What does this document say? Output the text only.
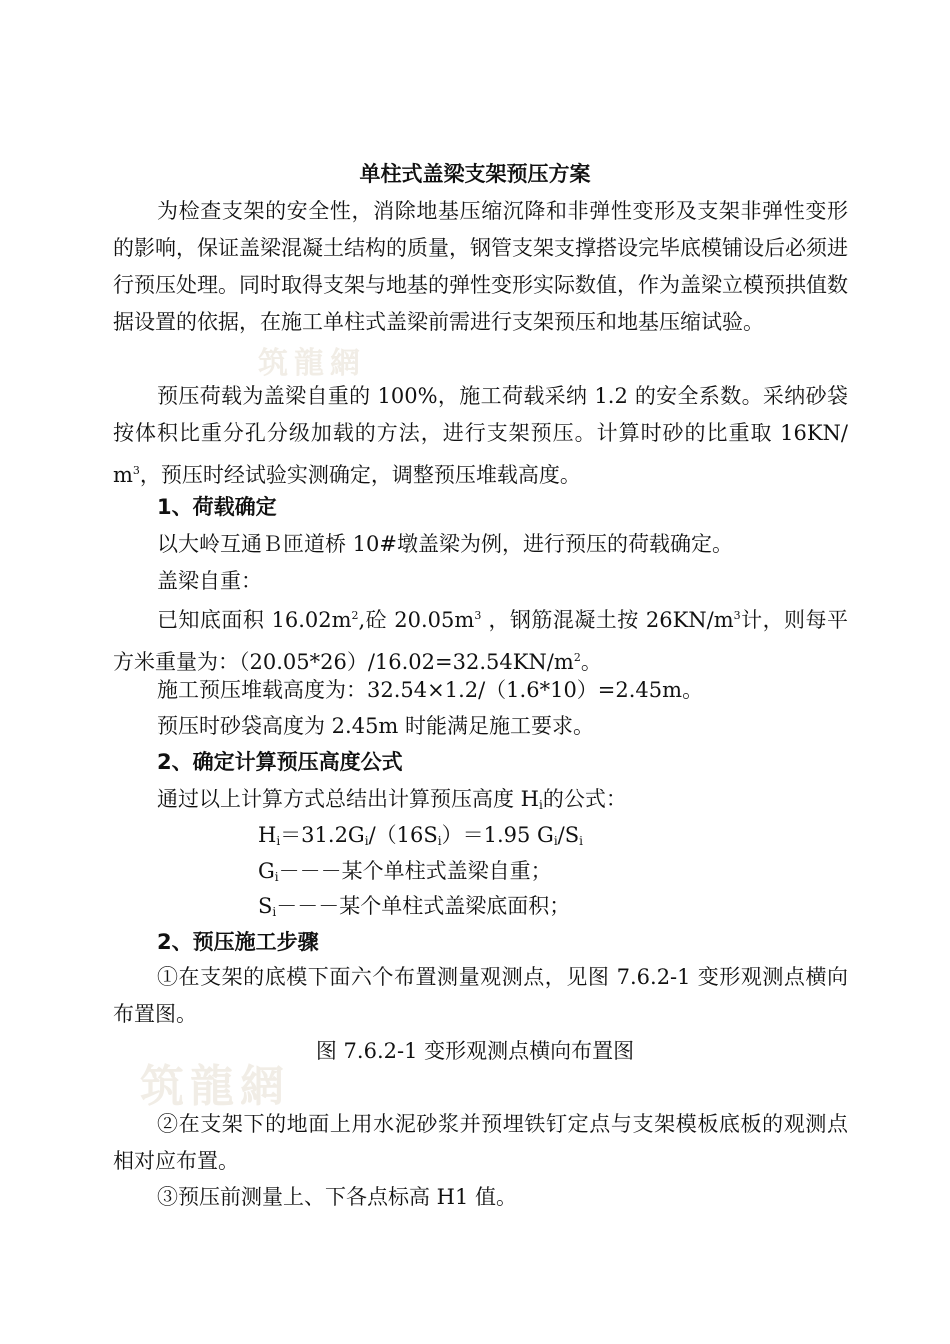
筑龍網
筑龍網
单柱式盖梁支架预压方案

为检查支架的安全性，消除地基压缩沉降和非弹性变形及支架非弹性变形的影响，保证盖梁混凝土结构的质量，钢管支架支撑搭设完毕底模铺设后必须进行预压处理。同时取得支架与地基的弹性变形实际数值，作为盖梁立模预拱值数据设置的依据，在施工单柱式盖梁前需进行支架预压和地基压缩试验。

预压荷载为盖梁自重的 100%，施工荷载采纳 1.2 的安全系数。采纳砂袋按体积比重分孔分级加载的方法，进行支架预压。计算时砂的比重取 16KN/ $m^3$，预压时经试验实测确定，调整预压堆载高度。

1、荷载确定
以大岭互通Ｂ匝道桥 10#墩盖梁为例，进行预压的荷载确定。
盖梁自重：

已知底面积 $16.02m^2$,砼 $20.05m^3$ ，钢筋混凝土按 $26KN/m^3$计，则每平方米重量为：$(20.05*26)/16.02=32.54KN/m^2$。

施工预压堆载高度为：32.54×1.2/（1.6*10）=2.45m。
预压时砂袋高度为 2.45m 时能满足施工要求。
2、确定计算预压高度公式
通过以上计算方式总结出计算预压高度 $H_i$的公式：
$H_i=31.2G_i/(16S_i)=1.95$ $G_i/S_i$
$G_i---$某个单柱式盖梁自重；
$S_i---$某个单柱式盖梁底面积；
2、预压施工步骤

①在支架的底模下面六个布置测量观测点，见图 7.6.2-1 变形观测点横向布置图。

图 7.6.2-1 变形观测点横向布置图

②在支架下的地面上用水泥砂浆并预埋铁钉定点与支架模板底板的观测点相对应布置。

③预压前测量上、下各点标高 H1 值。
